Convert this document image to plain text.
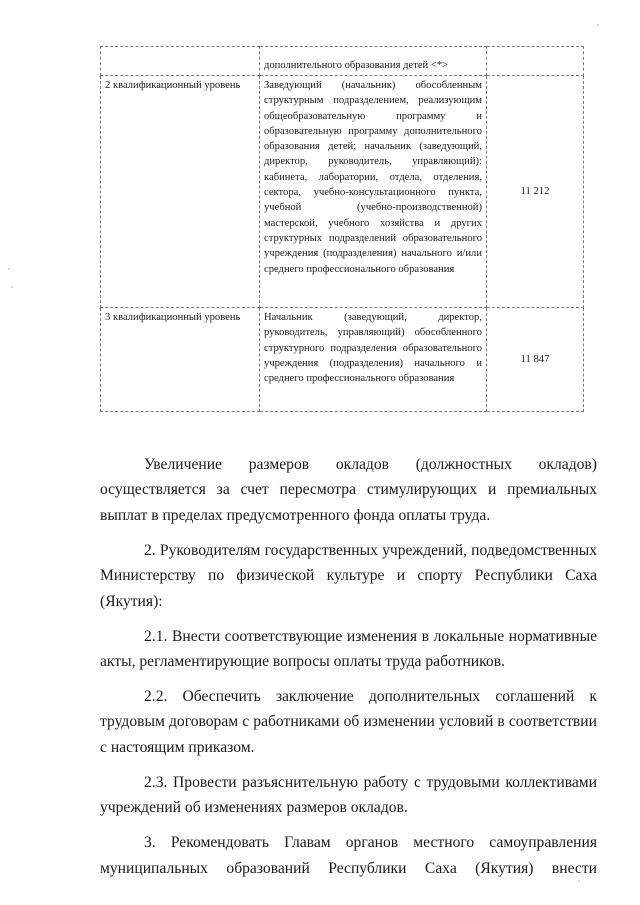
	дополнительного образования детей <*>	
2 квалификационный уровень	Заведующий (начальник) обособленным структурным подразделением, реализующим общеобразовательную программу и образовательную программу дополнительного образования детей; начальник (заведующий, директор, руководитель, управляющий): кабинета, лаборатории, отдела, отделения, сектора, учебно-консультационного пункта, учебной (учебно-производственной) мастерской, учебного хозяйства и других структурных подразделений образовательного учреждения (подразделения) начального и/или среднего профессионального образования	11 212
3 квалификационный уровень	Начальник (заведующий, директор, руководитель, управляющий) обособленного структурного подразделения образовательного учреждения (подразделения) начального и среднего профессионального образования	11 847

Увеличение размеров окладов (должностных окладов) осуществляется за счет пересмотра стимулирующих и премиальных выплат в пределах предусмотренного фонда оплаты труда.

2. Руководителям государственных учреждений, подведомственных Министерству по физической культуре и спорту Республики Саха (Якутия):

2.1. Внести соответствующие изменения в локальные нормативные акты, регламентирующие вопросы оплаты труда работников.

2.2. Обеспечить заключение дополнительных соглашений к трудовым договорам с работниками об изменении условий в соответствии с настоящим приказом.

2.3. Провести разъяснительную работу с трудовыми коллективами учреждений об изменениях размеров окладов.

3. Рекомендовать Главам органов местного самоуправления муниципальных образований Республики Саха (Якутия) внести
